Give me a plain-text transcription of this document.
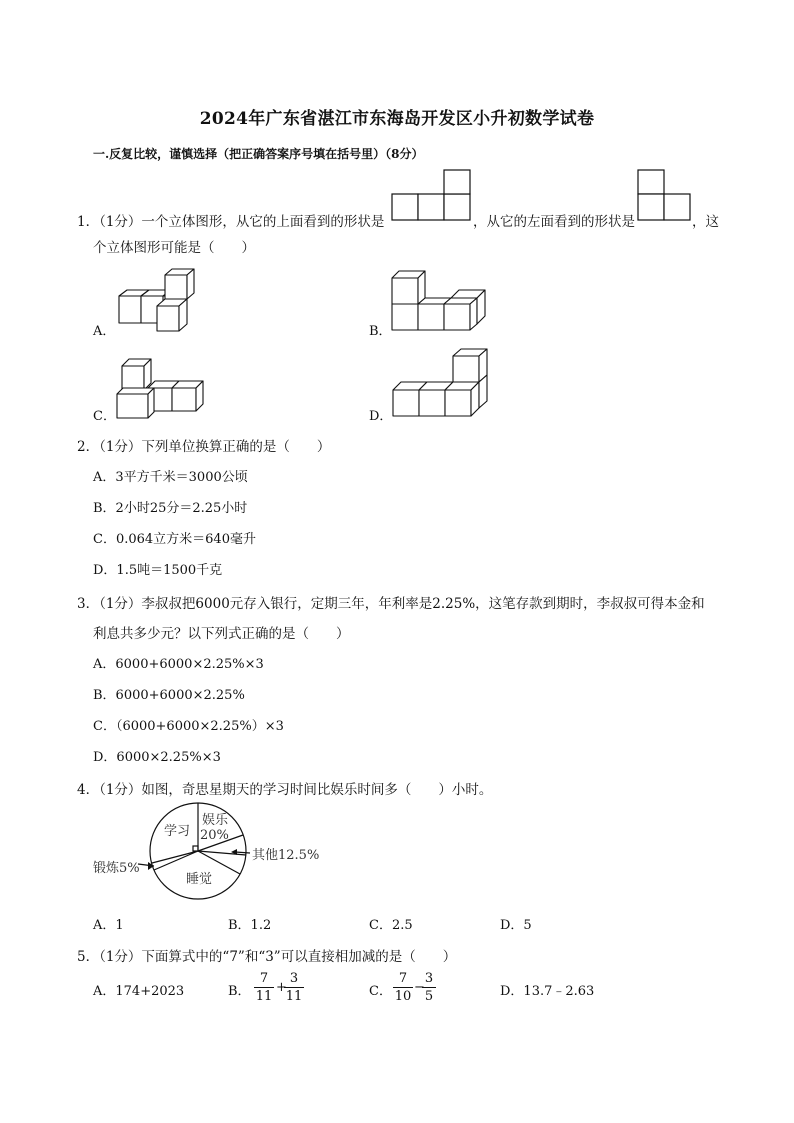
2024年广东省湛江市东海岛开发区小升初数学试卷
一.反复比较，谨慎选择（把正确答案序号填在括号里）（8分）
1．（1分）一个立体图形，从它的上面看到的形状是	，从它的左面看到的形状是	，这
个立体图形可能是（　　）
A．	B．
C．	D．
2．（1分）下列单位换算正确的是（　　）
A．3平方千米＝3000公顷
B．2小时25分＝2.25小时
C．0.064立方米＝640毫升
D．1.5吨＝1500千克
3．（1分）李叔叔把6000元存入银行，定期三年，年利率是2.25%，这笔存款到期时，李叔叔可得本金和
利息共多少元？以下列式正确的是（　　）
A．6000+6000×2.25%×3
B．6000+6000×2.25%
C．（6000+6000×2.25%）×3
D．6000×2.25%×3
4．（1分）如图，奇思星期天的学习时间比娱乐时间多（　　）小时。
学习
娱乐
20%
其他12.5%
锻炼5%
睡觉
A．1	B．1.2	C．2.5	D．5
5．（1分）下面算式中的“7”和“3”可以直接相加减的是（　　）
A．174+2023	B．
7
11
+
3
11	C．
7
10
−
3
5	D．13.7﹣2.63
